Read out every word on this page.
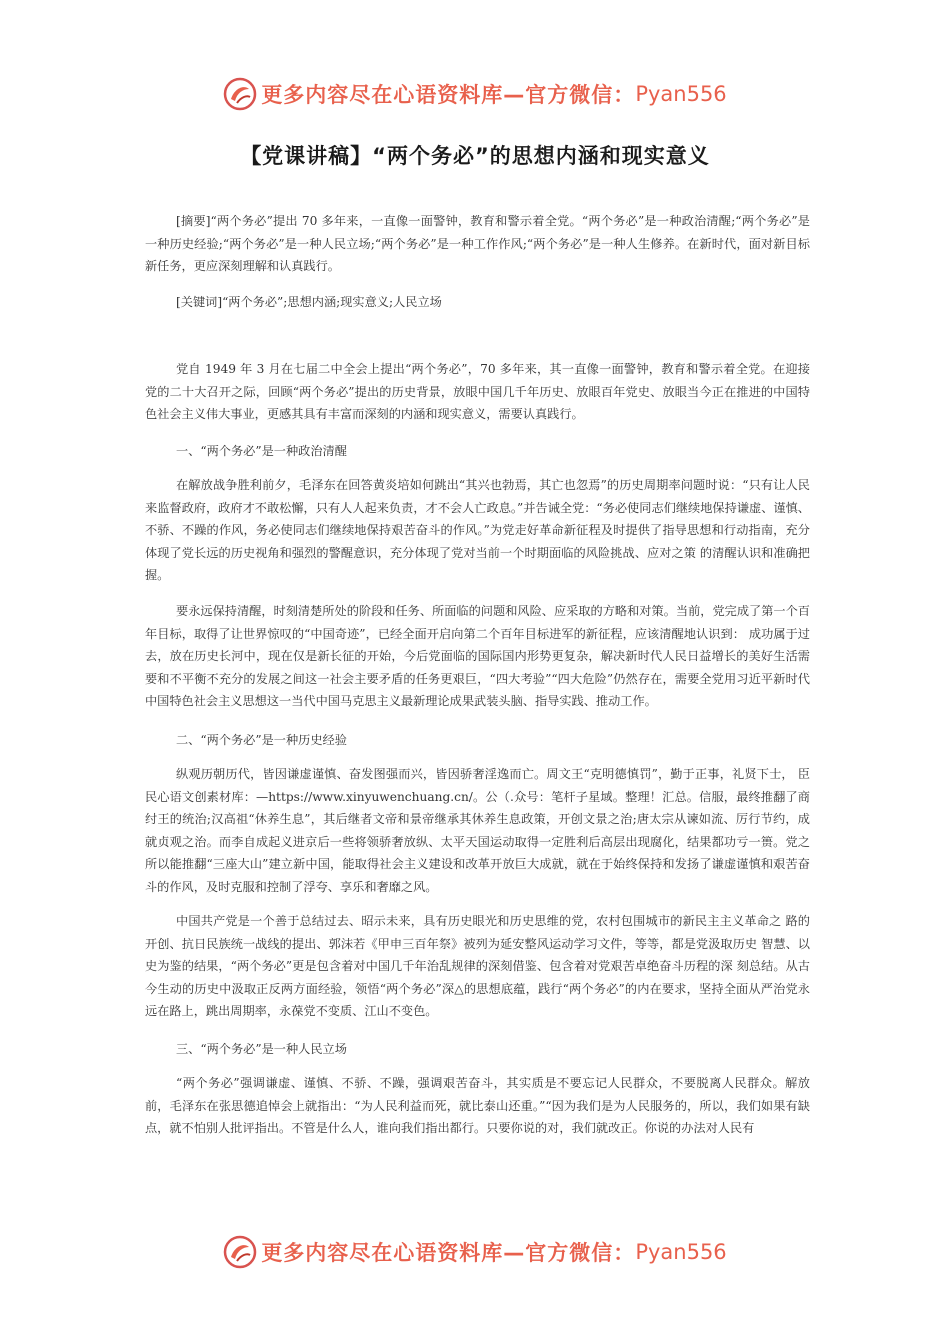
更多内容尽在心语资料库—官方微信： Pyan556
【党课讲稿】“两个务必”的思想内涵和现实意义

[摘要]“两个务必”提出 70 多年来，一直像一面警钟，教育和警示着全党。“两个务必”是一种政治清醒;“两个务必”是一种历史经验;“两个务必”是一种人民立场;“两个务必”是一种工作作风;“两个务必”是一种人生修养。在新时代，面对新目标新任务，更应深刻理解和认真践行。

[关键词]“两个务必”;思想内涵;现实意义;人民立场

党自 1949 年 3 月在七届二中全会上提出“两个务必”，70 多年来，其一直像一面警钟，教育和警示着全党。在迎接党的二十大召开之际，回顾“两个务必”提出的历史背景，放眼中国几千年历史、放眼百年党史、放眼当今正在推进的中国特色社会主义伟大事业，更感其具有丰富而深刻的内涵和现实意义，需要认真践行。

一、“两个务必”是一种政治清醒

在解放战争胜利前夕，毛泽东在回答黄炎培如何跳出“其兴也勃焉，其亡也忽焉”的历史周期率问题时说：“只有让人民来监督政府，政府才不敢松懈，只有人人起来负责，才不会人亡政息。”并告诫全党：“务必使同志们继续地保持谦虚、谨慎、不骄、不躁的作风，务必使同志们继续地保持艰苦奋斗的作风。”为党走好革命新征程及时提供了指导思想和行动指南，充分体现了党长远的历史视角和强烈的警醒意识，充分体现了党对当前一个时期面临的风险挑战、应对之策 的清醒认识和准确把握。

要永远保持清醒，时刻清楚所处的阶段和任务、所面临的问题和风险、应采取的方略和对策。当前，党完成了第一个百年目标，取得了让世界惊叹的“中国奇迹”，已经全面开启向第二个百年目标进军的新征程，应该清醒地认识到： 成功属于过去，放在历史长河中，现在仅是新长征的开始，今后党面临的国际国内形势更复杂，解决新时代人民日益增长的美好生活需要和不平衡不充分的发展之间这一社会主要矛盾的任务更艰巨，“四大考验”“四大危险”仍然存在，需要全党用习近平新时代中国特色社会主义思想这一当代中国马克思主义最新理论成果武装头脑、指导实践、推动工作。

二、“两个务必”是一种历史经验

纵观历朝历代，皆因谦虚谨慎、奋发图强而兴，皆因骄奢淫逸而亡。周文王“克明德慎罚”，勤于正事，礼贤下士， 臣民心语文创素材库：—https://www.xinyuwenchuang.cn/。公（.众号：笔杆子星域。整理！汇总。信服，最终推翻了商纣王的统治;汉高祖“休养生息”，其后继者文帝和景帝继承其休养生息政策，开创文景之治;唐太宗从谏如流、厉行节约，成就贞观之治。而李自成起义进京后一些将领骄奢放纵、太平天国运动取得一定胜利后高层出现腐化，结果都功亏一篑。党之所以能推翻“三座大山”建立新中国，能取得社会主义建设和改革开放巨大成就，就在于始终保持和发扬了谦虚谨慎和艰苦奋斗的作风，及时克服和控制了浮夸、享乐和奢靡之风。

中国共产党是一个善于总结过去、昭示未来，具有历史眼光和历史思维的党，农村包围城市的新民主主义革命之 路的开创、抗日民族统一战线的提出、郭沫若《甲申三百年祭》被列为延安整风运动学习文件，等等，都是党汲取历史 智慧、以史为鉴的结果，“两个务必”更是包含着对中国几千年治乱规律的深刻借鉴、包含着对党艰苦卓绝奋斗历程的深 刻总结。从古今生动的历史中汲取正反两方面经验，领悟“两个务必”深△的思想底蕴，践行“两个务必”的内在要求，坚持全面从严治党永远在路上，跳出周期率，永葆党不变质、江山不变色。

三、“两个务必”是一种人民立场

“两个务必”强调谦虚、谨慎、不骄、不躁，强调艰苦奋斗，其实质是不要忘记人民群众，不要脱离人民群众。解放 前，毛泽东在张思德追悼会上就指出：“为人民利益而死，就比泰山还重。”“因为我们是为人民服务的，所以，我们如果有缺点，就不怕别人批评指出。不管是什么人，谁向我们指出都行。只要你说的对，我们就改正。你说的办法对人民有

更多内容尽在心语资料库—官方微信： Pyan556
